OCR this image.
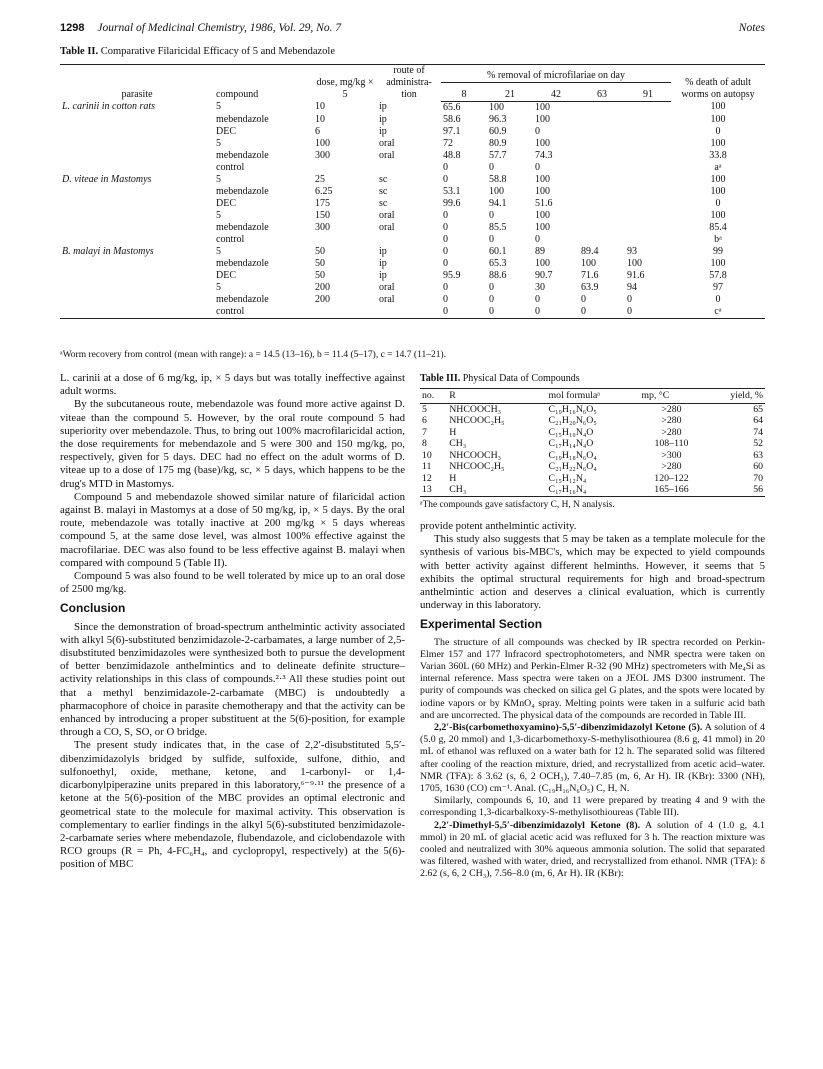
1298 Journal of Medicinal Chemistry, 1986, Vol. 29, No. 7	Notes
Table II. Comparative Filaricidal Efficacy of 5 and Mebendazole
parasite	compound	dose, mg/kg × 5	route of administra-tion	% removal of microfilariae on day					% death of adult worms on autopsy
				8	21	42	63	91	
L. carinii in cotton rats	5	10	ip	65.6	100	100			100
	mebendazole	10	ip	58.6	96.3	100			100
	DEC	6	ip	97.1	60.9	0			0
	5	100	oral	72	80.9	100			100
	mebendazole	300	oral	48.8	57.7	74.3			33.8
	control			0	0	0			aᵃ
D. viteae in Mastomys	5	25	sc	0	58.8	100			100
	mebendazole	6.25	sc	53.1	100	100			100
	DEC	175	sc	99.6	94.1	51.6			0
	5	150	oral	0	0	100			100
	mebendazole	300	oral	0	85.5	100			85.4
	control			0	0	0			bᵃ
B. malayi in Mastomys	5	50	ip	0	60.1	89	89.4	93	99
	mebendazole	50	ip	0	65.3	100	100	100	100
	DEC	50	ip	95.9	88.6	90.7	71.6	91.6	57.8
	5	200	oral	0	0	30	63.9	94	97
	mebendazole	200	oral	0	0	0	0	0	0
	control			0	0	0	0	0	cᵃ
ᵃWorm recovery from control (mean with range): a = 14.5 (13–16), b = 11.4 (5–17), c = 14.7 (11–21).

L. carinii at a dose of 6 mg/kg, ip, × 5 days but was totally ineffective against adult worms.

By the subcutaneous route, mebendazole was found more active against D. viteae than the compound 5. However, by the oral route compound 5 had superiority over mebendazole. Thus, to bring out 100% macrofilaricidal action, the dose requirements for mebendazole and 5 were 300 and 150 mg/kg, po, respectively, given for 5 days. DEC had no effect on the adult worms of D. viteae up to a dose of 175 mg (base)/kg, sc, × 5 days, which happens to be the drug's MTD in Mastomys.

Compound 5 and mebendazole showed similar nature of filaricidal action against B. malayi in Mastomys at a dose of 50 mg/kg, ip, × 5 days. By the oral route, mebendazole was totally inactive at 200 mg/kg × 5 days whereas compound 5, at the same dose level, was almost 100% effective against the macrofilariae. DEC was also found to be less effective against B. malayi when compared with compound 5 (Table II).

Compound 5 was also found to be well tolerated by mice up to an oral dose of 2500 mg/kg.

Conclusion

Since the demonstration of broad-spectrum anthelmintic activity associated with alkyl 5(6)-substituted benzimidazole-2-carbamates, a large number of 2,5-disubstituted benzimidazoles were synthesized both to pursue the development of better benzimidazole anthelmintics and to delineate definite structure–activity relationships in this class of compounds.²·³ All these studies point out that a methyl benzimidazole-2-carbamate (MBC) is undoubtedly a pharmacophore of choice in parasite chemotherapy and that the activity can be enhanced by introducing a proper substituent at the 5(6)-position, for example through a CO, S, SO, or O bridge.

The present study indicates that, in the case of 2,2′-disubstituted 5,5′-dibenzimidazolyls bridged by sulfide, sulfoxide, sulfone, dithio, and sulfonoethyl, oxide, methane, ketone, and 1-carbonyl- or 1,4-dicarbonylpiperazine units prepared in this laboratory,⁶⁻⁹·¹¹ the presence of a ketone at the 5(6)-position of the MBC provides an optimal electronic and geometrical state to the molecule for maximal activity. This observation is complementary to earlier findings in the alkyl 5(6)-substituted benzimidazole-2-carbamate series where mebendazole, flubendazole, and ciclobendazole with RCO groups (R = Ph, 4-FC₆H₄, and cyclopropyl, respectively) at the 5(6)-position of MBC

Table III. Physical Data of Compounds
no.	R	mol formulaᵃ	mp, °C	yield, %
5	NHCOOCH₃	C₁₉H₁₆N₆O₅	>280	65
6	NHCOOC₂H₅	C₂₁H₂₀N₆O₅	>280	64
7	H	C₁₅H₁₀N₄O	>280	74
8	CH₃	C₁₇H₁₄N₄O	108–110	52
10	NHCOOCH₃	C₁₉H₁₈N₆O₄	>300	63
11	NHCOOC₂H₅	C₂₁H₂₂N₆O₄	>280	60
12	H	C₁₅H₁₂N₄	120–122	70
13	CH₃	C₁₇H₁₆N₄	165–166	56
ᵃThe compounds gave satisfactory C, H, N analysis.

provide potent anthelmintic activity.

This study also suggests that 5 may be taken as a template molecule for the synthesis of various bis-MBC's, which may be expected to yield compounds with better activity against different helminths. However, it seems that 5 exhibits the optimal structural requirements for high and broad-spectrum anthelmintic action and deserves a clinical evaluation, which is currently underway in this laboratory.

Experimental Section

The structure of all compounds was checked by IR spectra recorded on Perkin-Elmer 157 and 177 Infracord spectrophotometers, and NMR spectra were taken on Varian 360L (60 MHz) and Perkin-Elmer R-32 (90 MHz) spectrometers with Me₄Si as internal reference. Mass spectra were taken on a JEOL JMS D300 instrument. The purity of compounds was checked on silica gel G plates, and the spots were located by iodine vapors or by KMnO₄ spray. Melting points were taken in a sulfuric acid bath and are uncorrected. The physical data of the compounds are recorded in Table III.

2,2′-Bis(carbomethoxyamino)-5,5′-dibenzimidazolyl Ketone (5). A solution of 4 (5.0 g, 20 mmol) and 1,3-dicarbomethoxy-S-methylisothiourea (8.6 g, 41 mmol) in 20 mL of ethanol was refluxed on a water bath for 12 h. The separated solid was filtered after cooling of the reaction mixture, dried, and recrystallized from acetic acid–water. NMR (TFA): δ 3.62 (s, 6, 2 OCH₃), 7.40–7.85 (m, 6, Ar H). IR (KBr): 3300 (NH), 1705, 1630 (CO) cm⁻¹. Anal. (C₁₉H₁₆N₆O₅) C, H, N.

Similarly, compounds 6, 10, and 11 were prepared by treating 4 and 9 with the corresponding 1,3-dicarbalkoxy-S-methylisothioureas (Table III).

2,2′-Dimethyl-5,5′-dibenzimidazolyl Ketone (8). A solution of 4 (1.0 g, 4.1 mmol) in 20 mL of glacial acetic acid was refluxed for 3 h. The reaction mixture was cooled and neutralized with 30% aqueous ammonia solution. The solid that separated was filtered, washed with water, dried, and recrystallized from ethanol. NMR (TFA): δ 2.62 (s, 6, 2 CH₃), 7.56–8.0 (m, 6, Ar H). IR (KBr):
